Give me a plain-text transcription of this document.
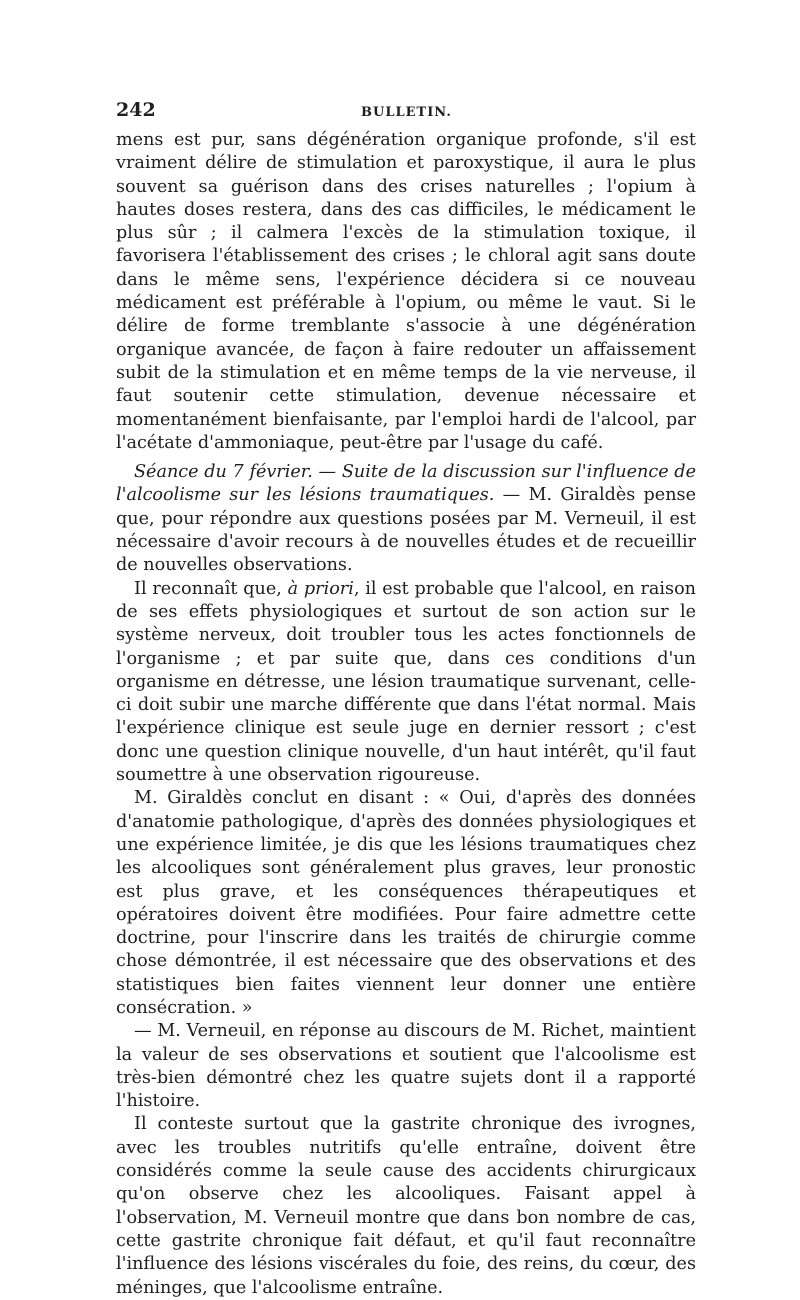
242	BULLETIN.

mens est pur, sans dégénération organique profonde, s'il est vraiment délire de stimulation et paroxystique, il aura le plus souvent sa guérison dans des crises naturelles ; l'opium à hautes doses restera, dans des cas difficiles, le médicament le plus sûr ; il calmera l'excès de la stimulation toxique, il favorisera l'établissement des crises ; le chloral agit sans doute dans le même sens, l'expérience décidera si ce nouveau médicament est préférable à l'opium, ou même le vaut. Si le délire de forme tremblante s'associe à une dégénération organique avancée, de façon à faire redouter un affaissement subit de la stimulation et en même temps de la vie nerveuse, il faut soutenir cette stimulation, devenue nécessaire et momentanément bienfaisante, par l'emploi hardi de l'alcool, par l'acétate d'ammoniaque, peut-être par l'usage du café.

Séance du 7 février. — Suite de la discussion sur l'influence de l'alcoolisme sur les lésions traumatiques. — M. Giraldès pense que, pour répondre aux questions posées par M. Verneuil, il est nécessaire d'avoir recours à de nouvelles études et de recueillir de nouvelles observations.

Il reconnaît que, à priori, il est probable que l'alcool, en raison de ses effets physiologiques et surtout de son action sur le système nerveux, doit troubler tous les actes fonctionnels de l'organisme ; et par suite que, dans ces conditions d'un organisme en détresse, une lésion traumatique survenant, celle-ci doit subir une marche différente que dans l'état normal. Mais l'expérience clinique est seule juge en dernier ressort ; c'est donc une question clinique nouvelle, d'un haut intérêt, qu'il faut soumettre à une observation rigoureuse.

M. Giraldès conclut en disant : « Oui, d'après des données d'anatomie pathologique, d'après des données physiologiques et une expérience limitée, je dis que les lésions traumatiques chez les alcooliques sont généralement plus graves, leur pronostic est plus grave, et les conséquences thérapeutiques et opératoires doivent être modifiées. Pour faire admettre cette doctrine, pour l'inscrire dans les traités de chirurgie comme chose démontrée, il est nécessaire que des observations et des statistiques bien faites viennent leur donner une entière consécration. »

— M. Verneuil, en réponse au discours de M. Richet, maintient la valeur de ses observations et soutient que l'alcoolisme est très-bien démontré chez les quatre sujets dont il a rapporté l'histoire.

Il conteste surtout que la gastrite chronique des ivrognes, avec les troubles nutritifs qu'elle entraîne, doivent être considérés comme la seule cause des accidents chirurgicaux qu'on observe chez les alcooliques. Faisant appel à l'observation, M. Verneuil montre que dans bon nombre de cas, cette gastrite chronique fait défaut, et qu'il faut reconnaître l'influence des lésions viscérales du foie, des reins, du cœur, des méninges, que l'alcoolisme entraîne.
